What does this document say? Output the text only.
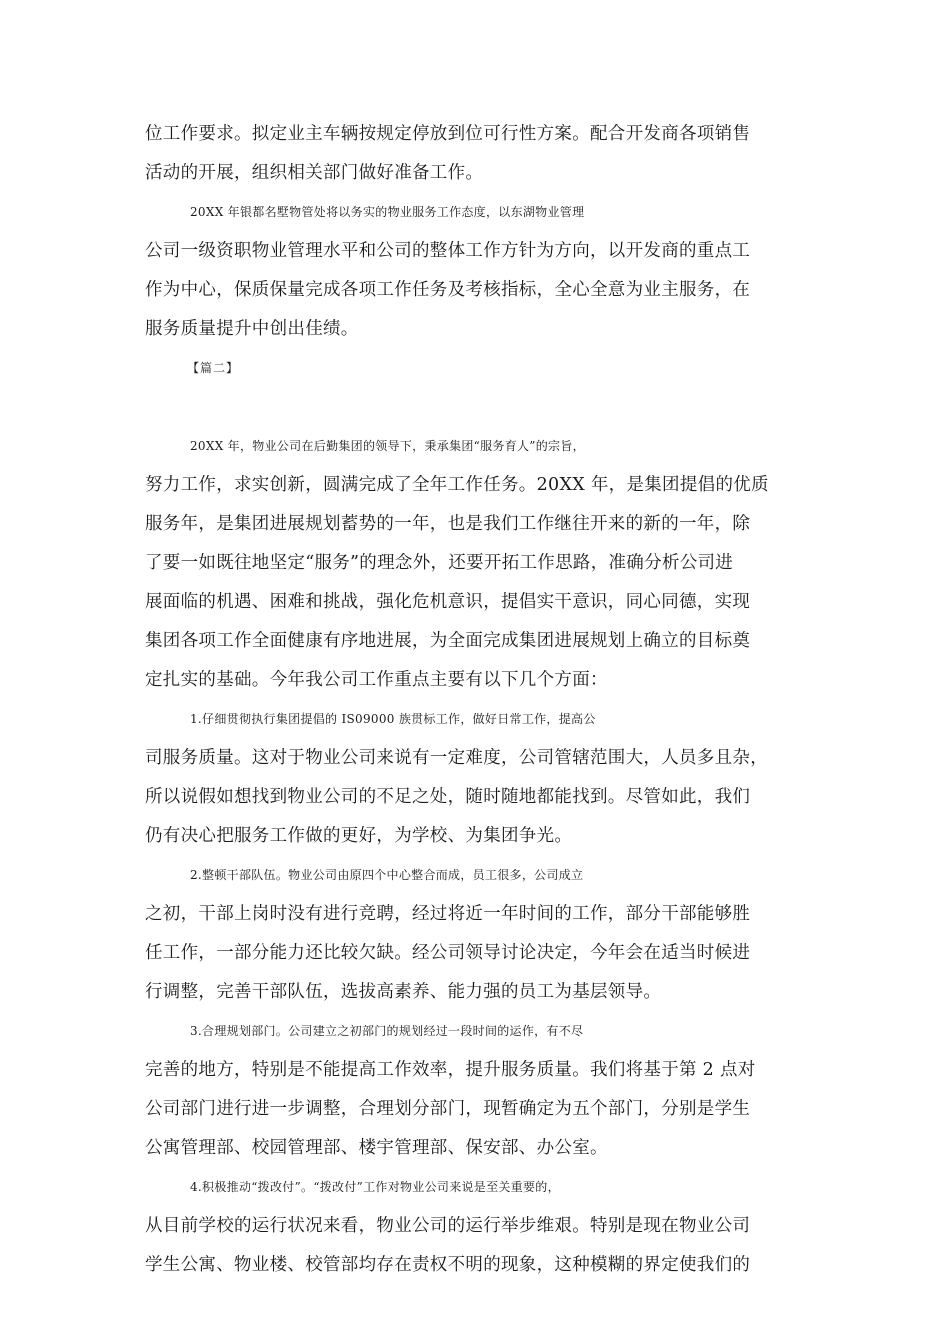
位工作要求。拟定业主车辆按规定停放到位可行性方案。配合开发商各项销售
活动的开展，组织相关部门做好准备工作。
20XX 年银都名墅物管处将以务实的物业服务工作态度，以东湖物业管理
公司一级资职物业管理水平和公司的整体工作方针为方向，以开发商的重点工
作为中心，保质保量完成各项工作任务及考核指标，全心全意为业主服务，在
服务质量提升中创出佳绩。
【篇二】
20XX 年，物业公司在后勤集团的领导下，秉承集团“服务育人”的宗旨，
努力工作，求实创新，圆满完成了全年工作任务。20XX 年，是集团提倡的优质
服务年，是集团进展规划蓄势的一年，也是我们工作继往开来的新的一年，除
了要一如既往地坚定“服务”的理念外，还要开拓工作思路，准确分析公司进
展面临的机遇、困难和挑战，强化危机意识，提倡实干意识，同心同德，实现
集团各项工作全面健康有序地进展，为全面完成集团进展规划上确立的目标奠
定扎实的基础。今年我公司工作重点主要有以下几个方面：
1.仔细贯彻执行集团提倡的 IS09000 族贯标工作，做好日常工作，提高公
司服务质量。这对于物业公司来说有一定难度，公司管辖范围大，人员多且杂，
所以说假如想找到物业公司的不足之处，随时随地都能找到。尽管如此，我们
仍有决心把服务工作做的更好，为学校、为集团争光。
2.整顿干部队伍。物业公司由原四个中心整合而成，员工很多，公司成立
之初，干部上岗时没有进行竞聘，经过将近一年时间的工作，部分干部能够胜
任工作，一部分能力还比较欠缺。经公司领导讨论决定，今年会在适当时候进
行调整，完善干部队伍，选拔高素养、能力强的员工为基层领导。
3.合理规划部门。公司建立之初部门的规划经过一段时间的运作，有不尽
完善的地方，特别是不能提高工作效率，提升服务质量。我们将基于第 2 点对
公司部门进行进一步调整，合理划分部门，现暂确定为五个部门，分别是学生
公寓管理部、校园管理部、楼宇管理部、保安部、办公室。
4.积极推动“拨改付”。“拨改付”工作对物业公司来说是至关重要的，
从目前学校的运行状况来看，物业公司的运行举步维艰。特别是现在物业公司
学生公寓、物业楼、校管部均存在责权不明的现象，这种模糊的界定使我们的
